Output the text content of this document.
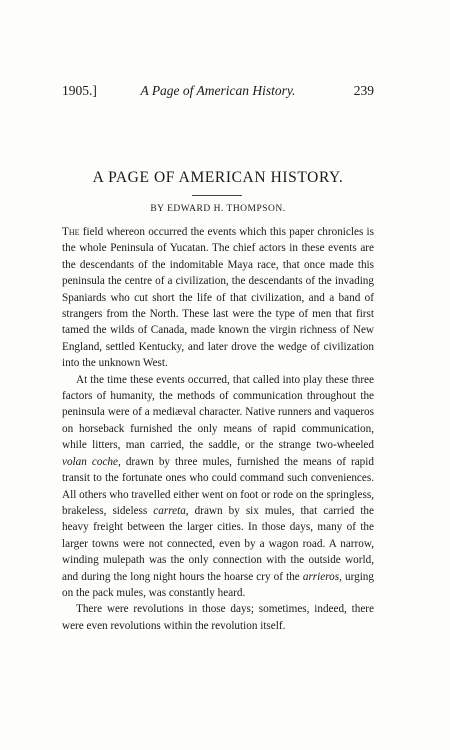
1905.]	A Page of American History.	239
A PAGE OF AMERICAN HISTORY.
BY EDWARD H. THOMPSON.

The field whereon occurred the events which this paper chronicles is the whole Peninsula of Yucatan. The chief actors in these events are the descendants of the indomitable Maya race, that once made this peninsula the centre of a civilization, the descendants of the invading Spaniards who cut short the life of that civilization, and a band of strangers from the North. These last were the type of men that first tamed the wilds of Canada, made known the virgin richness of New England, settled Kentucky, and later drove the wedge of civilization into the unknown West.

At the time these events occurred, that called into play these three factors of humanity, the methods of communication throughout the peninsula were of a mediæval character. Native runners and vaqueros on horseback furnished the only means of rapid communication, while litters, man carried, the saddle, or the strange two-wheeled volan coche, drawn by three mules, furnished the means of rapid transit to the fortunate ones who could command such conveniences. All others who travelled either went on foot or rode on the springless, brakeless, sideless carreta, drawn by six mules, that carried the heavy freight between the larger cities. In those days, many of the larger towns were not connected, even by a wagon road. A narrow, winding mulepath was the only connection with the outside world, and during the long night hours the hoarse cry of the arrieros, urging on the pack mules, was constantly heard.

There were revolutions in those days; sometimes, indeed, there were even revolutions within the revolution itself.
